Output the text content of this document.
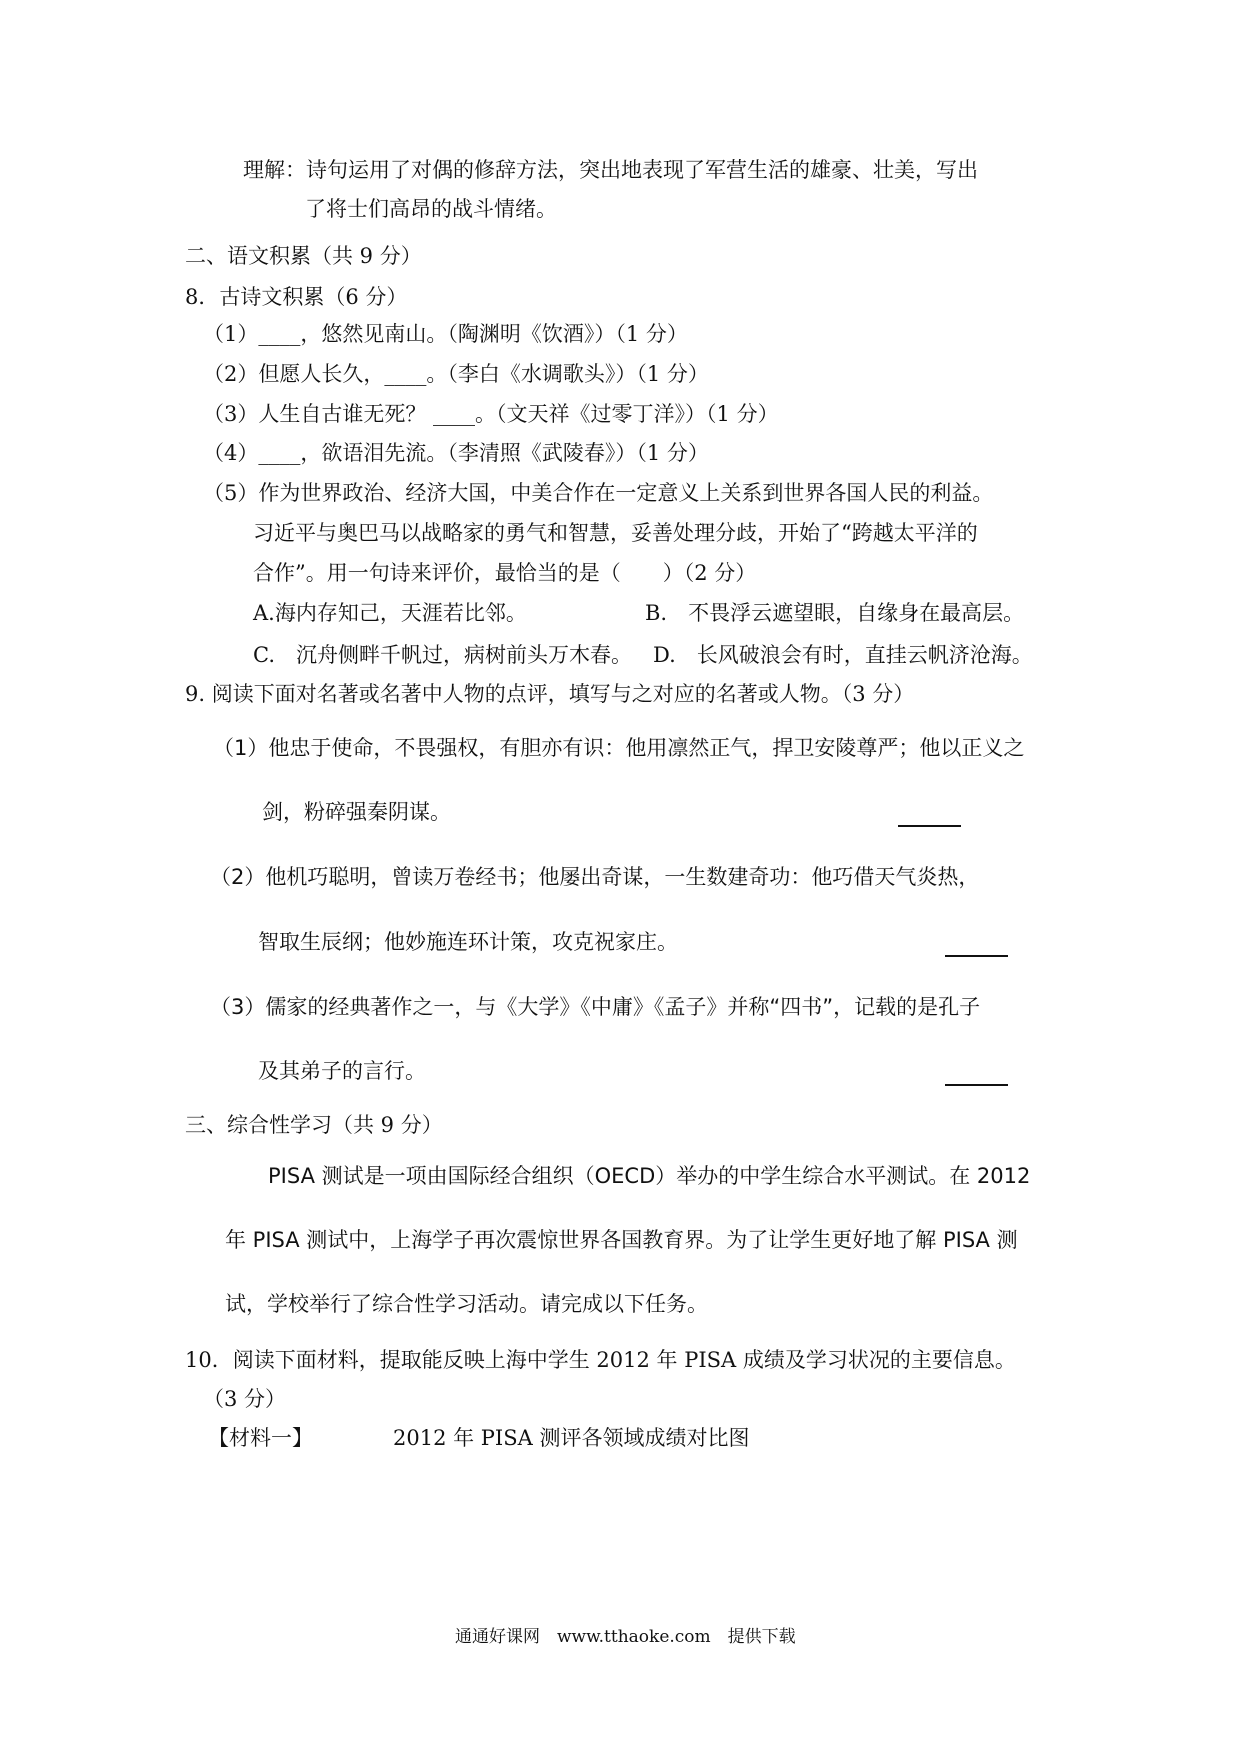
理解：诗句运用了对偶的修辞方法，突出地表现了军营生活的雄豪、壮美，写出
了将士们高昂的战斗情绪。
二、语文积累（共 9 分）
8．古诗文积累（6 分）
（1）____，悠然见南山。（陶渊明《饮酒》）（1 分）
（2）但愿人长久，____。（李白《水调歌头》）（1 分）
（3）人生自古谁无死？ ____。（文天祥《过零丁洋》）（1 分）
（4）____，欲语泪先流。（李清照《武陵春》）（1 分）
（5）作为世界政治、经济大国，中美合作在一定意义上关系到世界各国人民的利益。
习近平与奥巴马以战略家的勇气和智慧，妥善处理分歧，开始了“跨越太平洋的
合作”。用一句诗来评价，最恰当的是（　　）（2 分）
A.海内存知己，天涯若比邻。	B.　不畏浮云遮望眼，自缘身在最高层。
C.　沉舟侧畔千帆过，病树前头万木春。 D.　长风破浪会有时，直挂云帆济沧海。
9. 阅读下面对名著或名著中人物的点评，填写与之对应的名著或人物。（3 分）
（1）他忠于使命，不畏强权，有胆亦有识：他用凛然正气，捍卫安陵尊严；他以正义之
剑，粉碎强秦阴谋。
（2）他机巧聪明，曾读万卷经书；他屡出奇谋，一生数建奇功：他巧借天气炎热，
智取生辰纲；他妙施连环计策，攻克祝家庄。
（3）儒家的经典著作之一，与《大学》《中庸》《孟子》并称“四书”，记载的是孔子
及其弟子的言行。
三、综合性学习（共 9 分）
PISA 测试是一项由国际经合组织（OECD）举办的中学生综合水平测试。在 2012
年 PISA 测试中，上海学子再次震惊世界各国教育界。为了让学生更好地了解 PISA 测
试，学校举行了综合性学习活动。请完成以下任务。
10．阅读下面材料，提取能反映上海中学生 2012 年 PISA 成绩及学习状况的主要信息。
（3 分）
【材料一】	2012 年 PISA 测评各领域成绩对比图
通通好课网　www.tthaoke.com　提供下载
